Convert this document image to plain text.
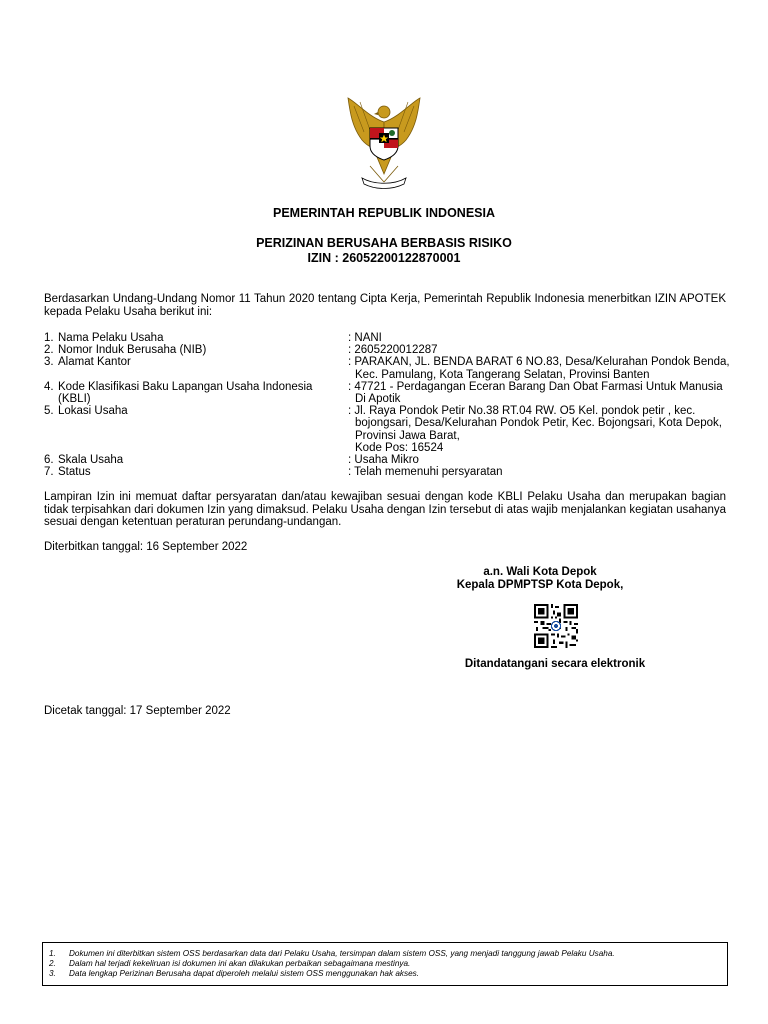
PEMERINTAH REPUBLIK INDONESIA
PERIZINAN BERUSAHA BERBASIS RISIKO
IZIN : 26052200122870001
Berdasarkan Undang-Undang Nomor 11 Tahun 2020 tentang Cipta Kerja, Pemerintah Republik Indonesia menerbitkan IZIN APOTEK kepada Pelaku Usaha berikut ini:
1. Nama Pelaku Usaha	: NANI
2. Nomor Induk Berusaha (NIB)	: 2605220012287
3. Alamat Kantor	: PARAKAN, JL. BENDA BARAT 6 NO.83, Desa/Kelurahan Pondok Benda, Kec. Pamulang, Kota Tangerang Selatan, Provinsi Banten
4. Kode Klasifikasi Baku Lapangan Usaha Indonesia (KBLI)
: 47721 - Perdagangan Eceran Barang Dan Obat Farmasi Untuk Manusia Di Apotik
5. Lokasi Usaha	: Jl. Raya Pondok Petir No.38 RT.04 RW. O5 Kel. pondok petir , kec. bojongsari, Desa/Kelurahan Pondok Petir, Kec. Bojongsari, Kota Depok, Provinsi Jawa Barat,
Kode Pos: 16524
6. Skala Usaha	: Usaha Mikro
7. Status	: Telah memenuhi persyaratan
Lampiran Izin ini memuat daftar persyaratan dan/atau kewajiban sesuai dengan kode KBLI Pelaku Usaha dan merupakan bagian tidak terpisahkan dari dokumen Izin yang dimaksud. Pelaku Usaha dengan Izin tersebut di atas wajib menjalankan kegiatan usahanya sesuai dengan ketentuan peraturan perundang-undangan.
Diterbitkan tanggal: 16 September 2022
a.n. Wali Kota Depok
Kepala DPMPTSP Kota Depok,
Ditandatangani secara elektronik
Dicetak tanggal: 17 September 2022
1.	Dokumen ini diterbitkan sistem OSS berdasarkan data dari Pelaku Usaha, tersimpan dalam sistem OSS, yang menjadi tanggung jawab Pelaku Usaha.
2.	Dalam hal terjadi kekeliruan isi dokumen ini akan dilakukan perbaikan sebagaimana mestinya.
3.	Data lengkap Perizinan Berusaha dapat diperoleh melalui sistem OSS menggunakan hak akses.
